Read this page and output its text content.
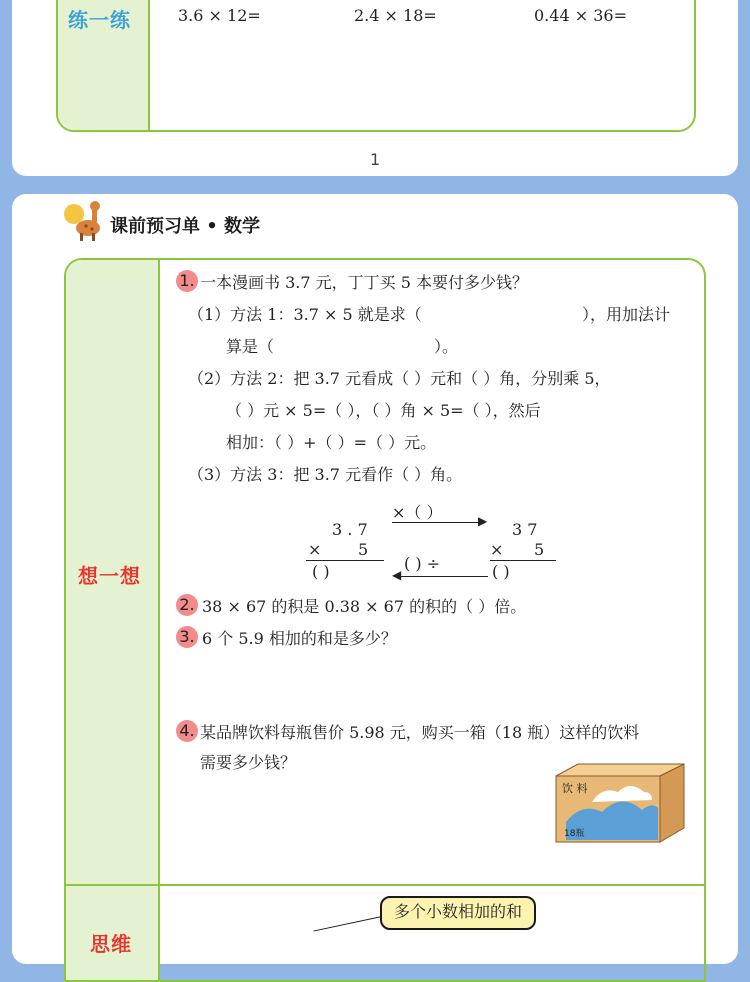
练一练	3.6 × 12=	2.4 × 18=	0.44 × 36=
1
课前预习单 • 数学
想一想
思维
1. 一本漫画书 3.7 元，丁丁买 5 本要付多少钱？
（1）方法 1：3.7 × 5 就是求（	），用加法计
算是（	）。
（2）方法 2：把 3.7 元看成（ ）元和（ ）角，分别乘 5，
（ ）元 × 5=（ ），（ ）角 × 5=（ ），然后
相加：（ ）+（ ）=（ ）元。
（3）方法 3：把 3.7 元看作（ ）角。
3 . 7
× 5
( )
×（ ）	▶
( ) ÷
◀
3 7
× 5
( )
2. 38 × 67 的积是 0.38 × 67 的积的（ ）倍。
3. 6 个 5.9 相加的和是多少？
4. 某品牌饮料每瓶售价 5.98 元，购买一箱（18 瓶）这样的饮料
需要多少钱？
饮 料
18瓶
多个小数相加的和
